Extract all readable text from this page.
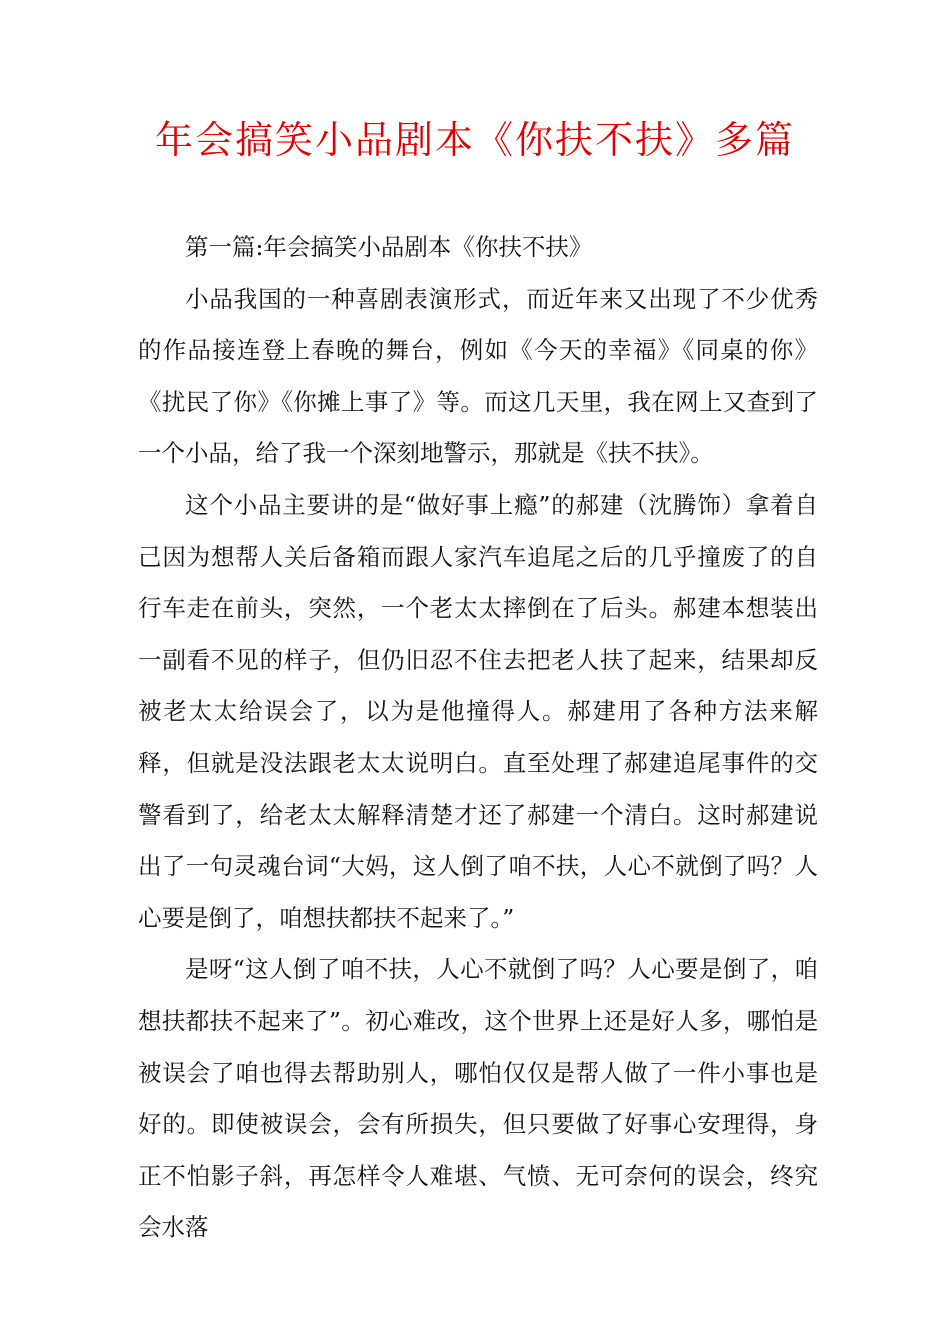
年会搞笑小品剧本《你扶不扶》多篇

第一篇:年会搞笑小品剧本《你扶不扶》

小品我国的一种喜剧表演形式，而近年来又出现了不少优秀的作品接连登上春晚的舞台，例如《今天的幸福》《同桌的你》《扰民了你》《你摊上事了》等。而这几天里，我在网上又查到了一个小品，给了我一个深刻地警示，那就是《扶不扶》。

这个小品主要讲的是“做好事上瘾”的郝建（沈腾饰）拿着自己因为想帮人关后备箱而跟人家汽车追尾之后的几乎撞废了的自行车走在前头，突然，一个老太太摔倒在了后头。郝建本想装出一副看不见的样子，但仍旧忍不住去把老人扶了起来，结果却反被老太太给误会了，以为是他撞得人。郝建用了各种方法来解释，但就是没法跟老太太说明白。直至处理了郝建追尾事件的交警看到了，给老太太解释清楚才还了郝建一个清白。这时郝建说出了一句灵魂台词“大妈，这人倒了咱不扶，人心不就倒了吗？人心要是倒了，咱想扶都扶不起来了。”

是呀“这人倒了咱不扶，人心不就倒了吗？人心要是倒了，咱想扶都扶不起来了”。初心难改，这个世界上还是好人多，哪怕是被误会了咱也得去帮助别人，哪怕仅仅是帮人做了一件小事也是好的。即使被误会，会有所损失，但只要做了好事心安理得，身正不怕影子斜，再怎样令人难堪、气愤、无可奈何的误会，终究会水落
